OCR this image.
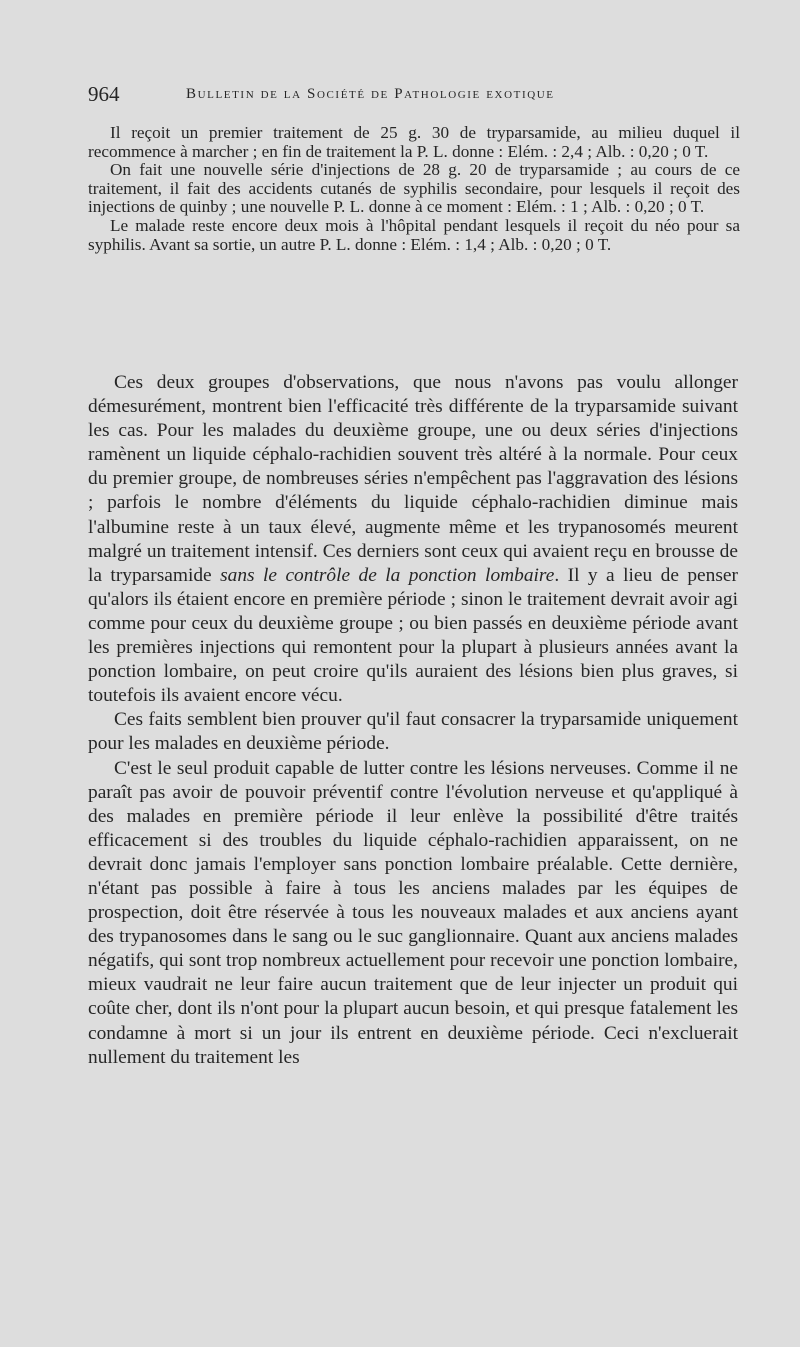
964	Bulletin de la Société de Pathologie exotique

Il reçoit un premier traitement de 25 g. 30 de tryparsamide, au milieu duquel il recommence à marcher ; en fin de traitement la P. L. donne : Elém. : 2,4 ; Alb. : 0,20 ; 0 T.

On fait une nouvelle série d'injections de 28 g. 20 de tryparsamide ; au cours de ce traitement, il fait des accidents cutanés de syphilis secondaire, pour lesquels il reçoit des injections de quinby ; une nouvelle P. L. donne à ce moment : Elém. : 1 ; Alb. : 0,20 ; 0 T.

Le malade reste encore deux mois à l'hôpital pendant lesquels il reçoit du néo pour sa syphilis. Avant sa sortie, un autre P. L. donne : Elém. : 1,4 ; Alb. : 0,20 ; 0 T.

Ces deux groupes d'observations, que nous n'avons pas voulu allonger démesurément, montrent bien l'efficacité très différente de la tryparsamide suivant les cas. Pour les malades du deuxième groupe, une ou deux séries d'injections ramènent un liquide céphalo-rachidien souvent très altéré à la normale. Pour ceux du premier groupe, de nombreuses séries n'empêchent pas l'aggravation des lésions ; parfois le nombre d'éléments du liquide céphalo-rachidien diminue mais l'albumine reste à un taux élevé, augmente même et les trypanosomés meurent malgré un traitement intensif. Ces derniers sont ceux qui avaient reçu en brousse de la tryparsamide sans le contrôle de la ponction lombaire. Il y a lieu de penser qu'alors ils étaient encore en première période ; sinon le traitement devrait avoir agi comme pour ceux du deuxième groupe ; ou bien passés en deuxième période avant les premières injections qui remontent pour la plupart à plusieurs années avant la ponction lombaire, on peut croire qu'ils auraient des lésions bien plus graves, si toutefois ils avaient encore vécu.

Ces faits semblent bien prouver qu'il faut consacrer la tryparsamide uniquement pour les malades en deuxième période.

C'est le seul produit capable de lutter contre les lésions nerveuses. Comme il ne paraît pas avoir de pouvoir préventif contre l'évolution nerveuse et qu'appliqué à des malades en première période il leur enlève la possibilité d'être traités efficacement si des troubles du liquide céphalo-rachidien apparaissent, on ne devrait donc jamais l'employer sans ponction lombaire préalable. Cette dernière, n'étant pas possible à faire à tous les anciens malades par les équipes de prospection, doit être réservée à tous les nouveaux malades et aux anciens ayant des trypanosomes dans le sang ou le suc ganglionnaire. Quant aux anciens malades négatifs, qui sont trop nombreux actuellement pour recevoir une ponction lombaire, mieux vaudrait ne leur faire aucun traitement que de leur injecter un produit qui coûte cher, dont ils n'ont pour la plupart aucun besoin, et qui presque fatalement les condamne à mort si un jour ils entrent en deuxième période. Ceci n'excluerait nullement du traitement les
